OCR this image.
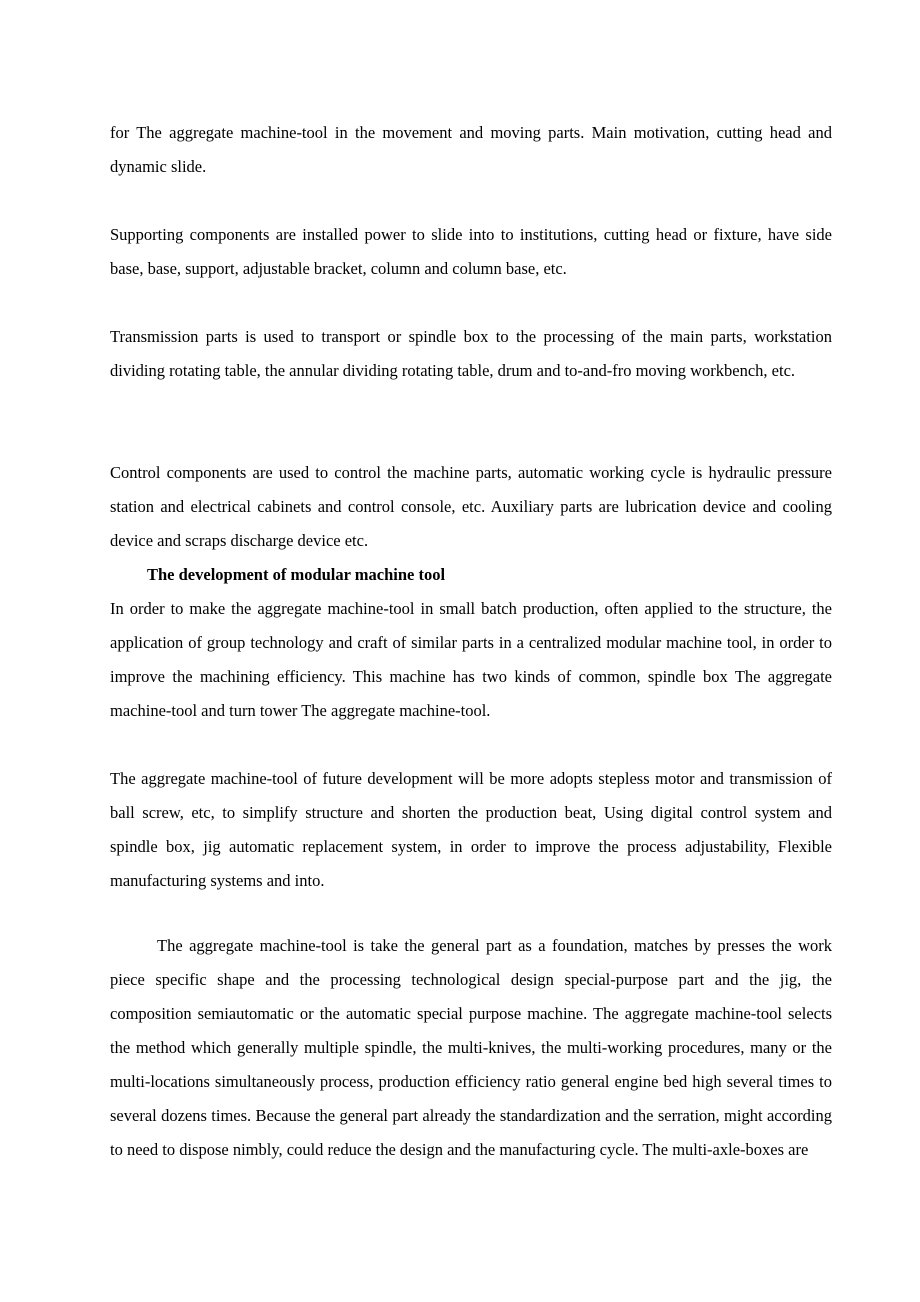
for The aggregate machine-tool in the movement and moving parts. Main motivation, cutting head and dynamic slide.

Supporting components are installed power to slide into to institutions, cutting head or fixture, have side base, base, support, adjustable bracket, column and column base, etc.

Transmission parts is used to transport or spindle box to the processing of the main parts, workstation dividing rotating table, the annular dividing rotating table, drum and to-and-fro moving workbench, etc.

Control components are used to control the machine parts, automatic working cycle is hydraulic pressure station and electrical cabinets and control console, etc. Auxiliary parts are lubrication device and cooling device and scraps discharge device etc.

The development of modular machine tool

In order to make the aggregate machine-tool in small batch production, often applied to the structure, the application of group technology and craft of similar parts in a centralized modular machine tool, in order to improve the machining efficiency. This machine has two kinds of common, spindle box The aggregate machine-tool and turn tower The aggregate machine-tool.

The aggregate machine-tool of future development will be more adopts stepless motor and transmission of ball screw, etc, to simplify structure and shorten the production beat, Using digital control system and spindle box, jig automatic replacement system, in order to improve the process adjustability, Flexible manufacturing systems and into.

The aggregate machine-tool is take the general part as a foundation, matches by presses the work piece specific shape and the processing technological design special-purpose part and the jig, the composition semiautomatic or the automatic special purpose machine. The aggregate machine-tool selects the method which generally multiple spindle, the multi-knives, the multi-working procedures, many or the multi-locations simultaneously process, production efficiency ratio general engine bed high several times to several dozens times. Because the general part already the standardization and the serration, might according to need to dispose nimbly, could reduce the design and the manufacturing cycle. The multi-axle-boxes are
